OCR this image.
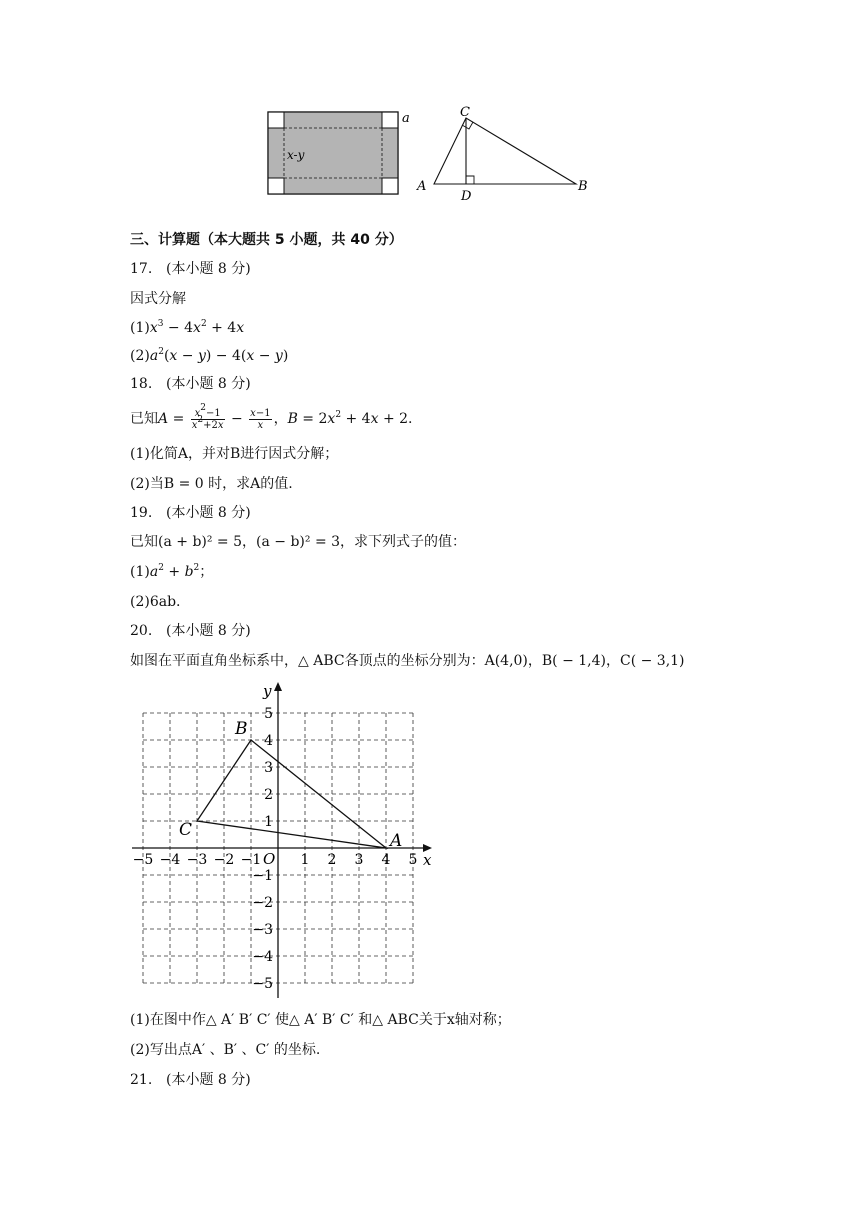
a
x-y
A	B
C
D
三、计算题（本大题共 5 小题，共 40 分）
17. (本小题 8 分)
因式分解
$(1)x^3 - 4x^2 + 4x$
$(2)a^2(x - y) - 4(x - y)$
18. (本小题 8 分)
已知$A = \frac{x^2-1}{x^2+2x} - \frac{x-1}{x}$ ，$B = 2x^2 + 4x + 2$.
(1)化简A，并对B进行因式分解；
(2)当B = 0 时，求A的值.
19. (本小题 8 分)
已知(a + b)² = 5，(a − b)² = 3，求下列式子的值：
$(1)a^2 + b^2$；
(2)6ab.
20. (本小题 8 分)
如图在平面直角坐标系中，△ ABC各顶点的坐标分别为：A(4,0)，B( − 1,4)，C( − 3,1)
x
y
O
−5 −4 −3 −2 −1	1 2 3 4 5
5
4
3
2
1
−1
−2
−3
−4
−5
A
B
C
(1)在图中作△ A′ B′ C′ 使△ A′ B′ C′ 和△ ABC关于x轴对称；
(2)写出点A′ 、B′ 、C′ 的坐标.
21. (本小题 8 分)
